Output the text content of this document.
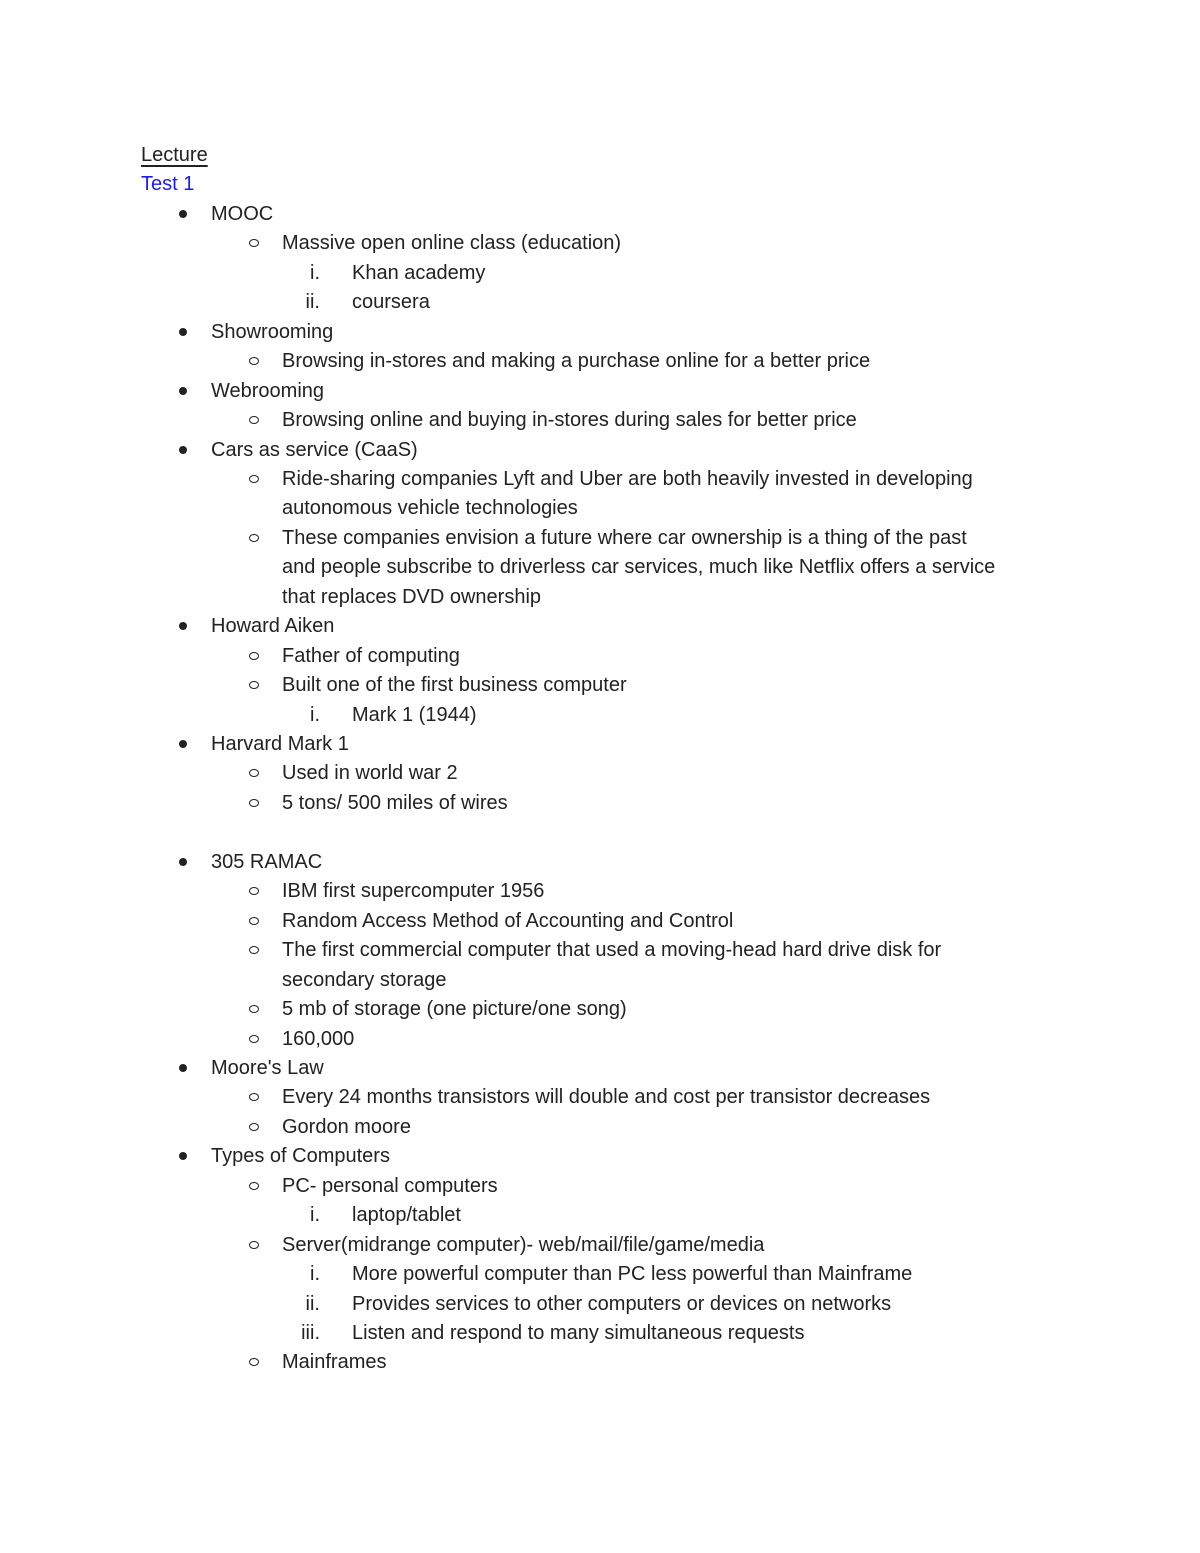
Lecture
Test 1
MOOC
Massive open online class (education)
i. Khan academy
ii. coursera
Showrooming
Browsing in-stores and making a purchase online for a better price
Webrooming
Browsing online and buying in-stores during sales for better price
Cars as service (CaaS)
Ride-sharing companies Lyft and Uber are both heavily invested in developing
autonomous vehicle technologies
These companies envision a future where car ownership is a thing of the past
and people subscribe to driverless car services, much like Netflix offers a service
that replaces DVD ownership
Howard Aiken
Father of computing
Built one of the first business computer
i. Mark 1 (1944)
Harvard Mark 1
Used in world war 2
5 tons/ 500 miles of wires
305 RAMAC
IBM first supercomputer 1956
Random Access Method of Accounting and Control
The first commercial computer that used a moving-head hard drive disk for
secondary storage
5 mb of storage (one picture/one song)
160,000
Moore's Law
Every 24 months transistors will double and cost per transistor decreases
Gordon moore
Types of Computers
PC- personal computers
i. laptop/tablet
Server(midrange computer)- web/mail/file/game/media
i. More powerful computer than PC less powerful than Mainframe
ii. Provides services to other computers or devices on networks
iii. Listen and respond to many simultaneous requests
Mainframes
